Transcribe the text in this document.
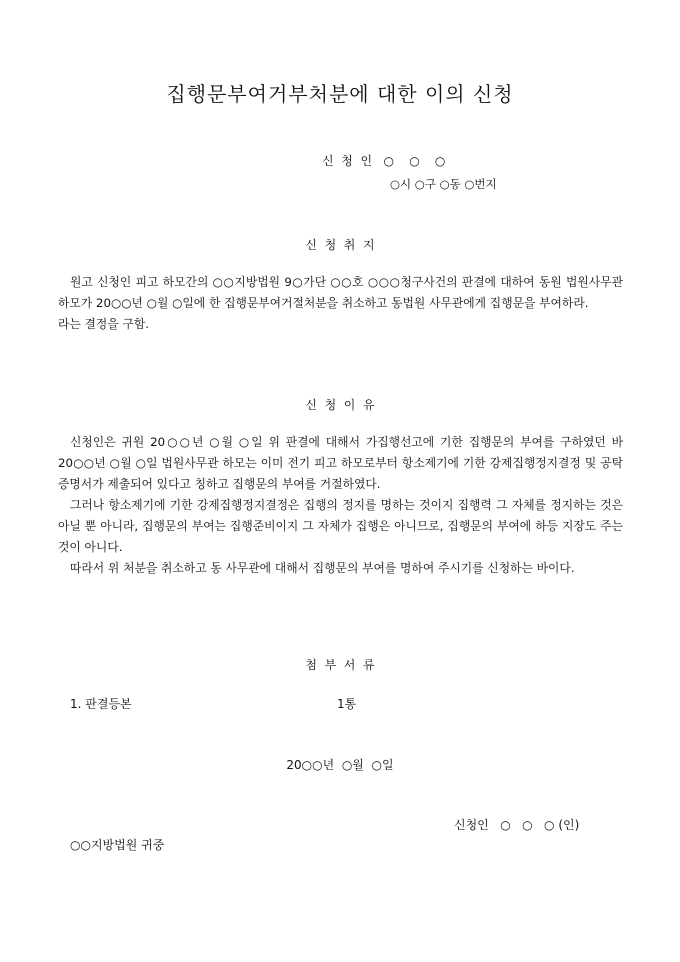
집행문부여거부처분에 대한 이의 신청
신  청  인   ○    ○    ○
○시 ○구 ○동 ○번지
신  청  취  지

원고 신청인 피고 하모간의 ○○지방법원 9○가단 ○○호 ○○○청구사건의 판결에 대하여 동원 법원사무관 하모가 20○○년 ○월 ○일에 한 집행문부여거절처분을 취소하고 동법원 사무관에게 집행문을 부여하라.

라는 결정을 구함.

신  청  이  유

신청인은 귀원 20○○년 ○월 ○일 위 판결에 대해서 가집행선고에 기한 집행문의 부여를 구하였던 바 20○○년 ○월 ○일 법원사무관 하모는 이미 전기 피고 하모로부터 항소제기에 기한 강제집행정지결정 및 공탁증명서가 제출되어 있다고 칭하고 집행문의 부여를 거절하였다.

그러나 항소제기에 기한 강제집행정지결정은 집행의 정지를 명하는 것이지 집행력 그 자체를 정지하는 것은 아닐 뿐 아니라, 집행문의 부여는 집행준비이지 그 자체가 집행은 아니므로, 집행문의 부여에 하등 지장도 주는 것이 아니다.

따라서 위 처분을 취소하고 동 사무관에 대해서 집행문의 부여를 명하여 주시기를 신청하는 바이다.

첨  부  서  류
1. 판결등본	1통
20○○년  ○월  ○일
신청인   ○   ○   ○ (인)
○○지방법원 귀중
